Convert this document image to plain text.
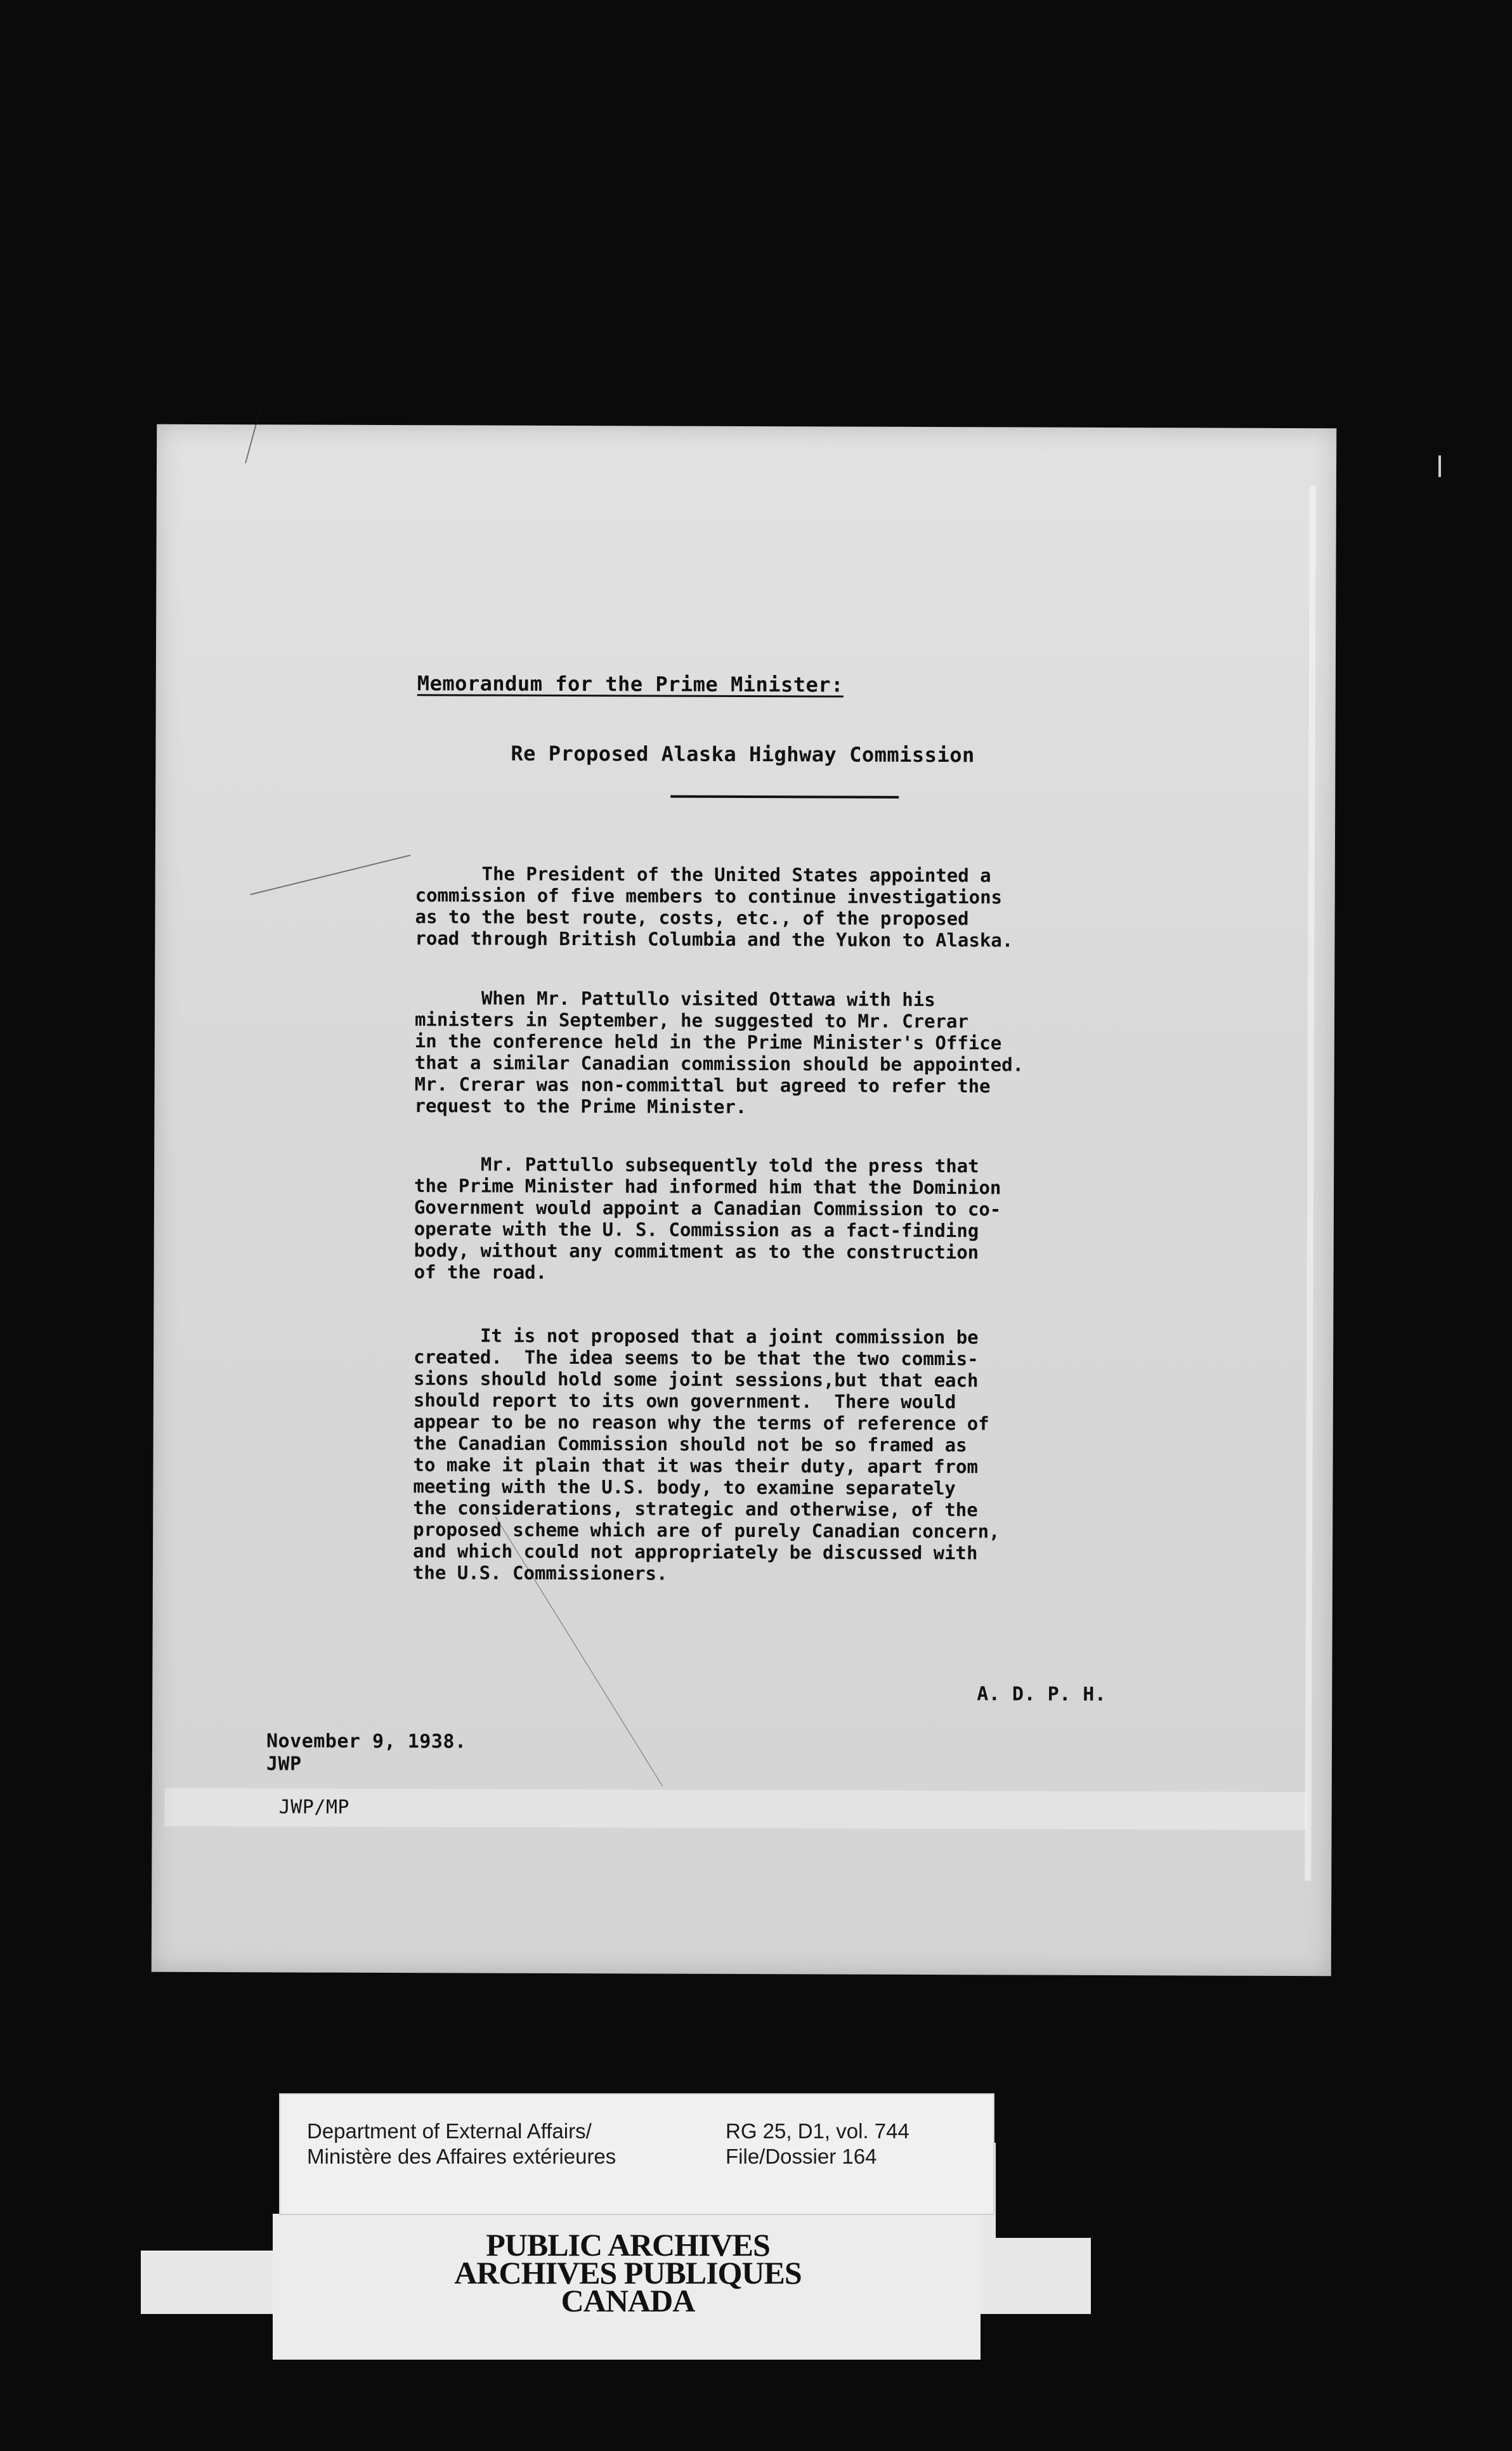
Memorandum for the Prime Minister:
Re Proposed Alaska Highway Commission
The President of the United States appointed a
commission of five members to continue investigations
as to the best route, costs, etc., of the proposed
road through British Columbia and the Yukon to Alaska.
When Mr. Pattullo visited Ottawa with his
ministers in September, he suggested to Mr. Crerar
in the conference held in the Prime Minister's Office
that a similar Canadian commission should be appointed.
Mr. Crerar was non-committal but agreed to refer the
request to the Prime Minister.
Mr. Pattullo subsequently told the press that
the Prime Minister had informed him that the Dominion
Government would appoint a Canadian Commission to co-
operate with the U. S. Commission as a fact-finding
body, without any commitment as to the construction
of the road.
It is not proposed that a joint commission be
created.  The idea seems to be that the two commis-
sions should hold some joint sessions,but that each
should report to its own government.  There would
appear to be no reason why the terms of reference of
the Canadian Commission should not be so framed as
to make it plain that it was their duty, apart from
meeting with the U.S. body, to examine separately
the considerations, strategic and otherwise, of the
proposed scheme which are of purely Canadian concern,
and which could not appropriately be discussed with
the U.S. Commissioners.
A. D. P. H.
November 9, 1938.
JWP
JWP/MP
Department of External Affairs/
Ministère des Affaires extérieures
RG 25, D1, vol. 744
File/Dossier 164
PUBLIC ARCHIVES
ARCHIVES PUBLIQUES
CANADA
